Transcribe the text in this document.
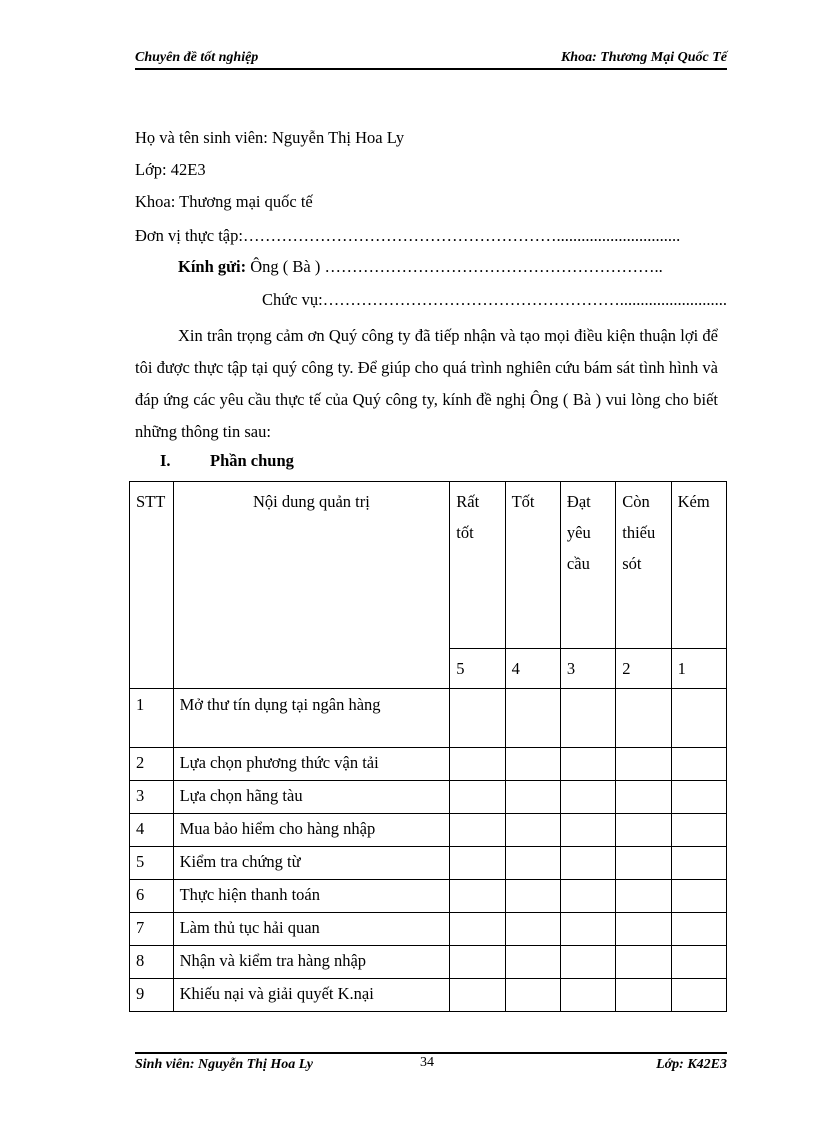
Chuyên đề tốt nghiệp	Khoa: Thương Mại Quốc Tế
Họ và tên sinh viên: Nguyễn Thị Hoa Ly
Lớp: 42E3
Khoa: Thương mại quốc tế
Đơn vị thực tập:…………………………………………………..............................
Kính gửi: Ông ( Bà ) ……………………………………………………..
Chức vụ:………………………………………………..........................
Xin trân trọng cảm ơn Quý công ty đã tiếp nhận và tạo mọi điều kiện thuận lợi để tôi được thực tập tại quý công ty. Để giúp cho quá trình nghiên cứu bám sát tình hình và đáp ứng các yêu cầu thực tế của Quý công ty, kính đề nghị Ông ( Bà ) vui lòng cho biết những thông tin sau:
I. Phần chung
STT	Nội dung quản trị	Rất tốt	Tốt	Đạt yêu cầu	Còn thiếu sót	Kém
		5	4	3	2	1
1	Mở thư tín dụng tại ngân hàng					
2	Lựa chọn phương thức vận tải					
3	Lựa chọn hãng tàu					
4	Mua bảo hiểm cho hàng nhập					
5	Kiểm tra chứng từ					
6	Thực hiện thanh toán					
7	Làm thủ tục hải quan					
8	Nhận và kiểm tra hàng nhập					
9	Khiếu nại và giải quyết K.nại					
Sinh viên: Nguyễn Thị Hoa Ly	34	Lớp: K42E3
